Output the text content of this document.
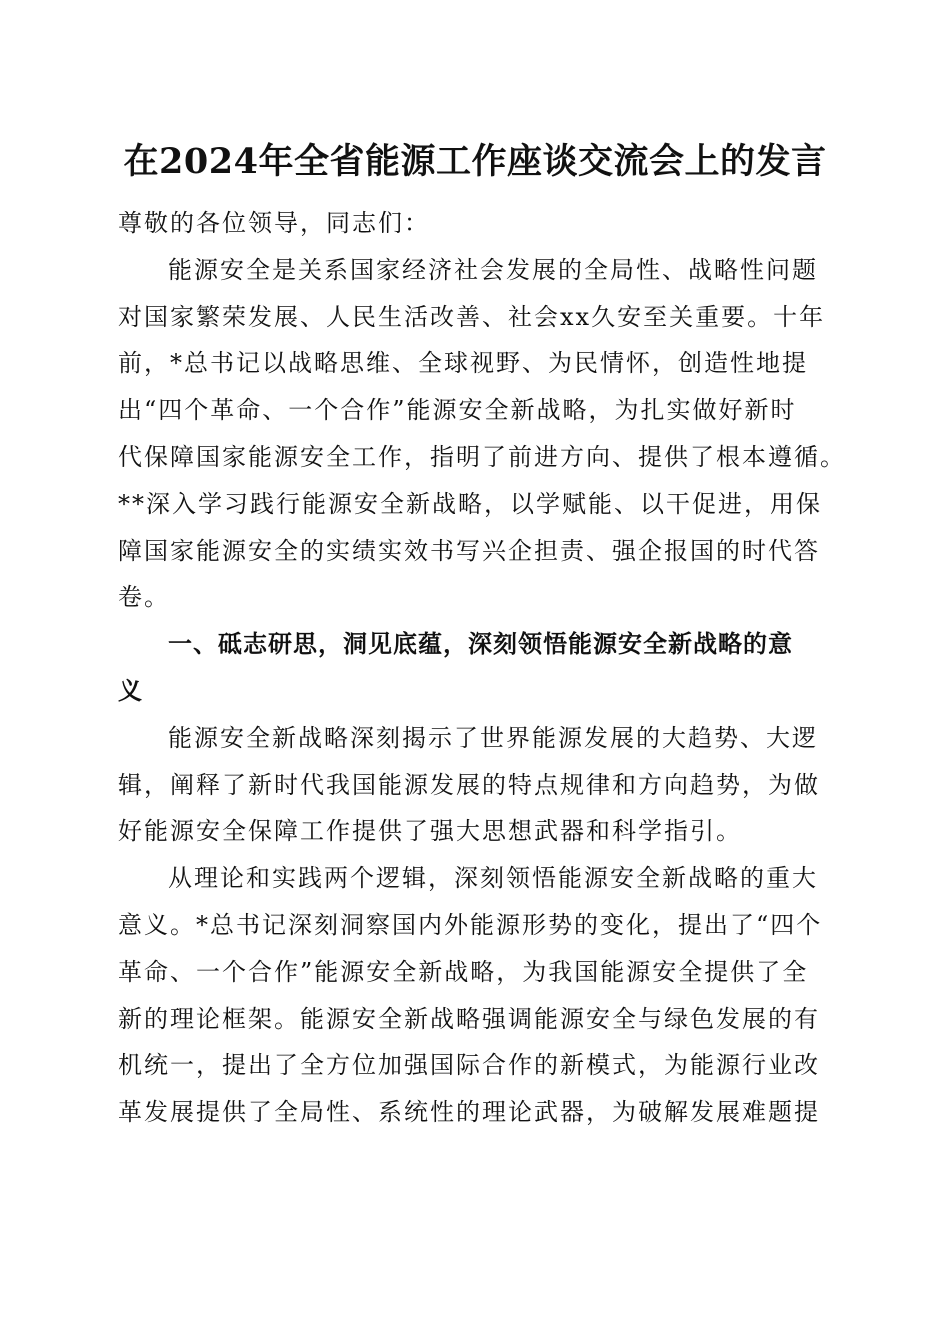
在2024年全省能源工作座谈交流会上的发言
尊敬的各位领导，同志们：
能源安全是关系国家经济社会发展的全局性、战略性问题
对国家繁荣发展、人民生活改善、社会xx久安至关重要。十年
前，*总书记以战略思维、全球视野、为民情怀，创造性地提
出“四个革命、一个合作”能源安全新战略，为扎实做好新时
代保障国家能源安全工作，指明了前进方向、提供了根本遵循。
**深入学习践行能源安全新战略，以学赋能、以干促进，用保
障国家能源安全的实绩实效书写兴企担责、强企报国的时代答
卷。
一、砥志研思，洞见底蕴，深刻领悟能源安全新战略的意
义
能源安全新战略深刻揭示了世界能源发展的大趋势、大逻
辑，阐释了新时代我国能源发展的特点规律和方向趋势，为做
好能源安全保障工作提供了强大思想武器和科学指引。
从理论和实践两个逻辑，深刻领悟能源安全新战略的重大
意义。*总书记深刻洞察国内外能源形势的变化，提出了“四个
革命、一个合作”能源安全新战略，为我国能源安全提供了全
新的理论框架。能源安全新战略强调能源安全与绿色发展的有
机统一，提出了全方位加强国际合作的新模式，为能源行业改
革发展提供了全局性、系统性的理论武器，为破解发展难题提
